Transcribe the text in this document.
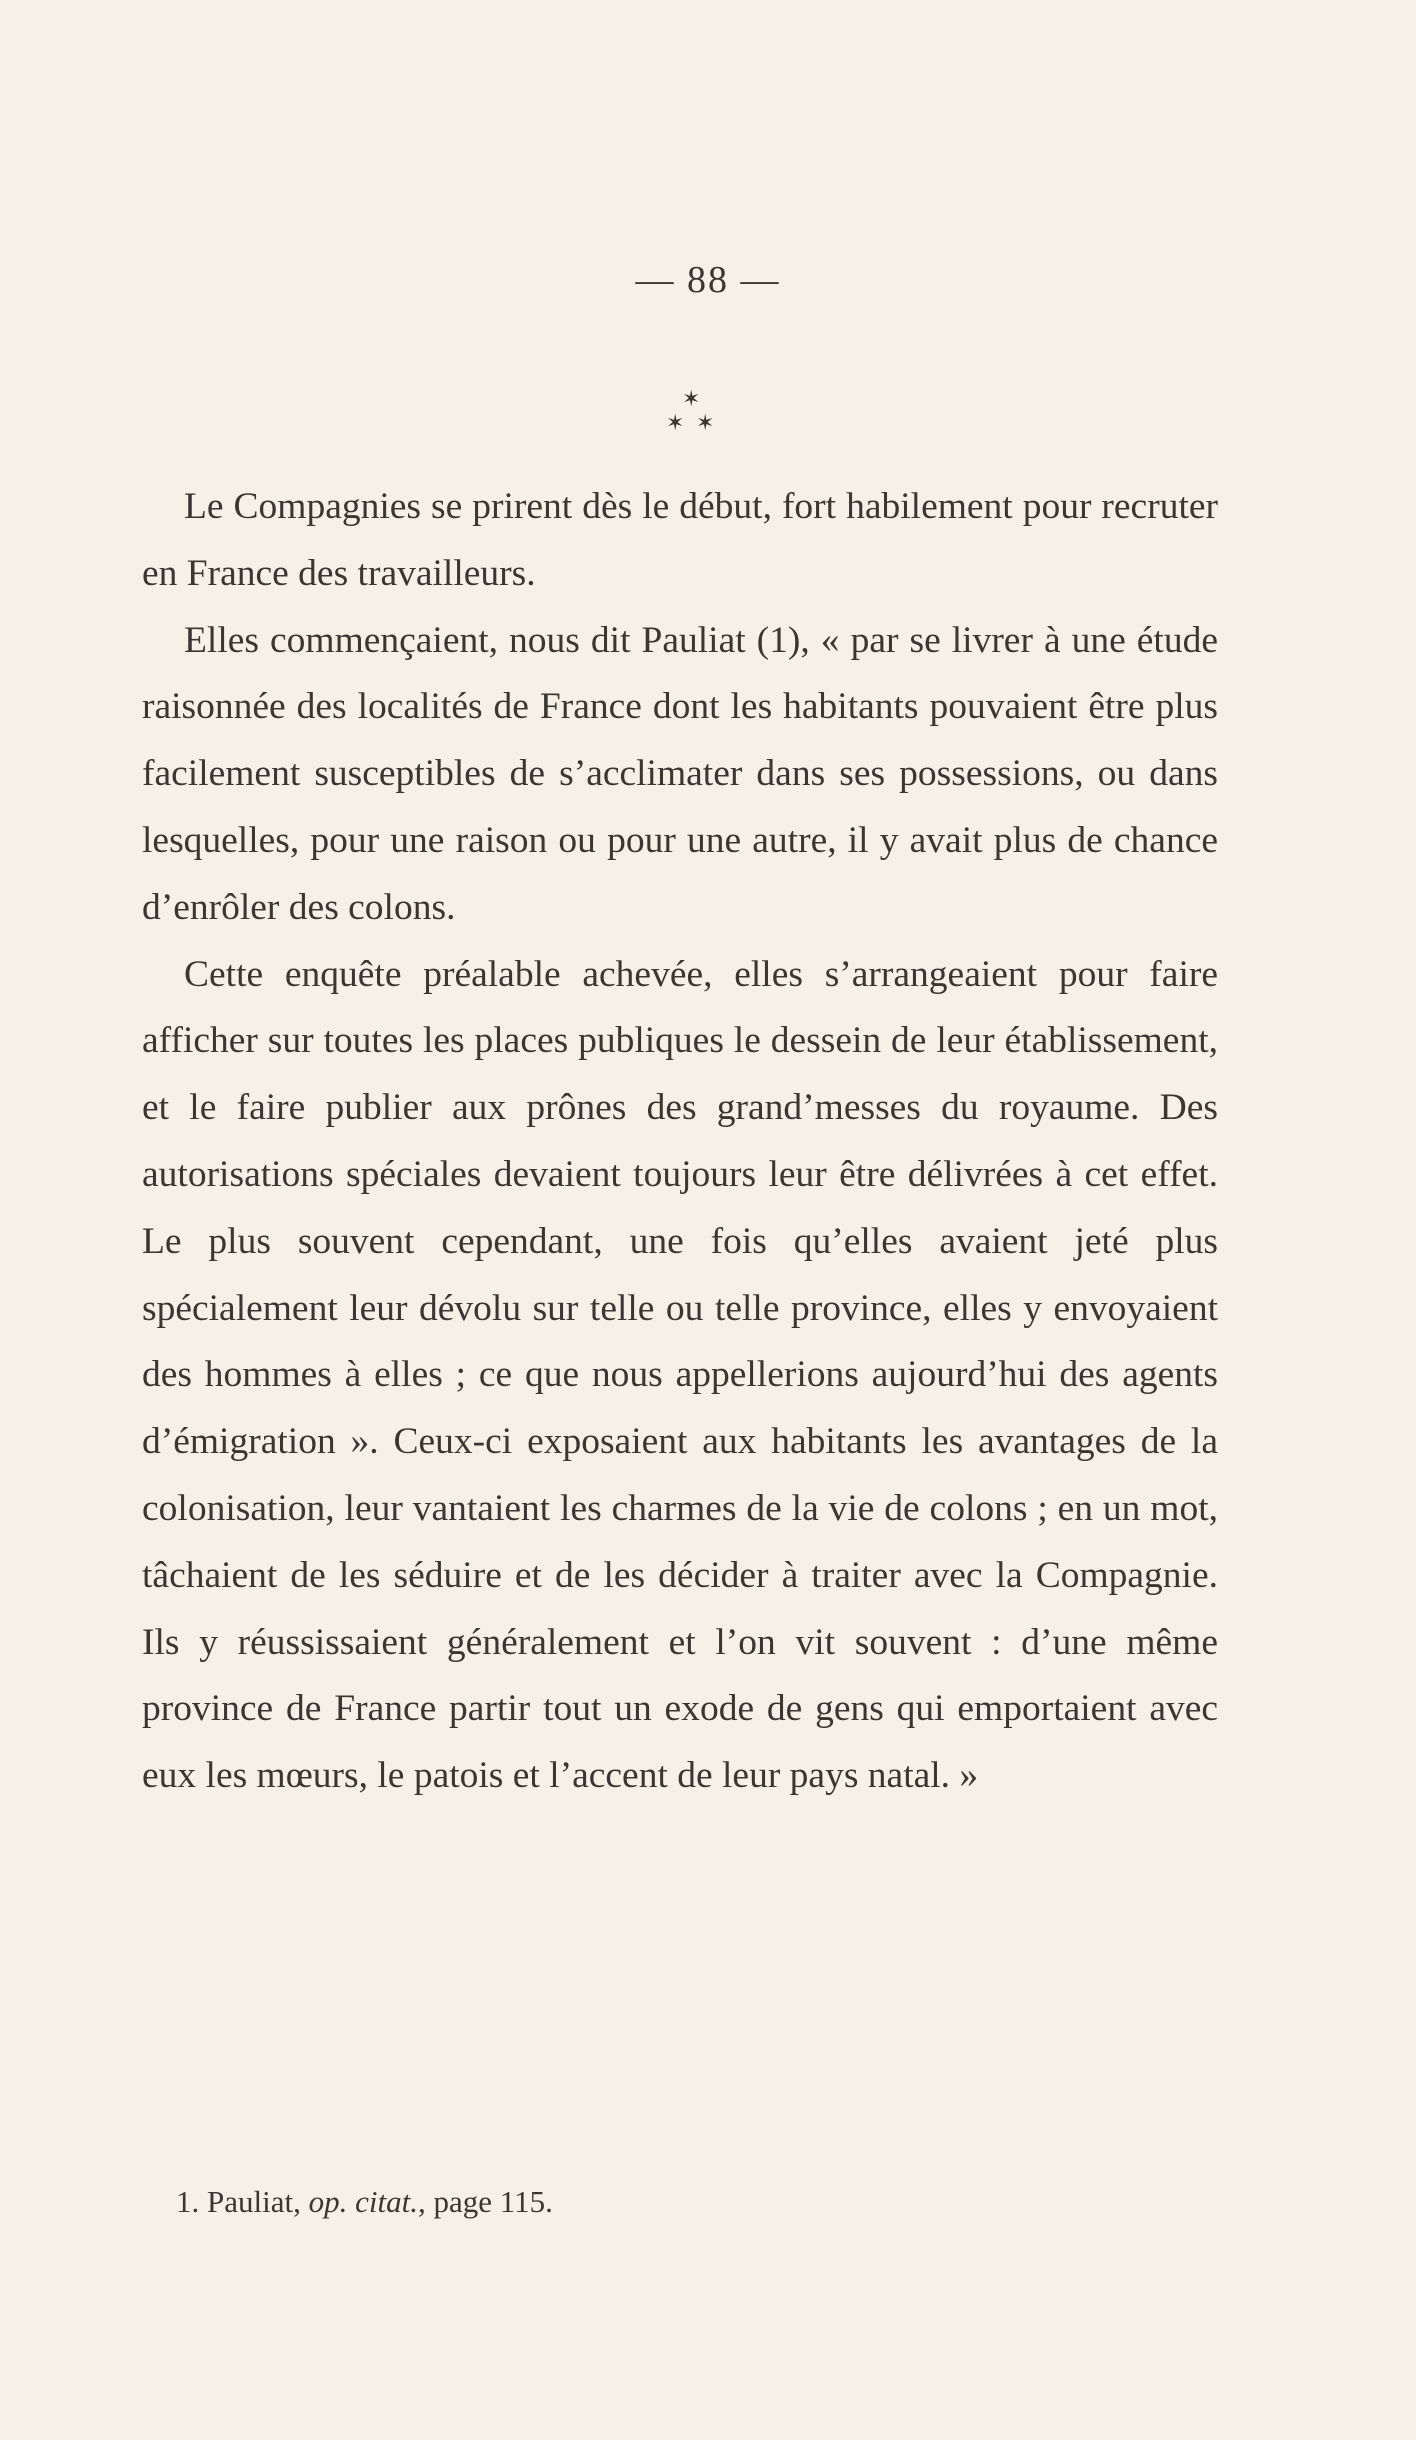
— 88 —
✶
✶ ✶

Le Compagnies se prirent dès le début, fort habilement pour recruter en France des travailleurs.

Elles commençaient, nous dit Pauliat (1), « par se livrer à une étude raisonnée des localités de France dont les habitants pouvaient être plus facilement susceptibles de s’acclimater dans ses possessions, ou dans lesquelles, pour une raison ou pour une autre, il y avait plus de chance d’enrôler des colons.

Cette enquête préalable achevée, elles s’arrangeaient pour faire afficher sur toutes les places publiques le dessein de leur établissement, et le faire publier aux prônes des grand’messes du royaume. Des autorisations spéciales devaient toujours leur être délivrées à cet effet. Le plus souvent cependant, une fois qu’elles avaient jeté plus spécialement leur dévolu sur telle ou telle province, elles y envoyaient des hommes à elles ; ce que nous appellerions aujourd’hui des agents d’émigration ». Ceux-ci exposaient aux habitants les avantages de la colonisation, leur vantaient les charmes de la vie de colons ; en un mot, tâchaient de les séduire et de les décider à traiter avec la Compagnie. Ils y réussissaient généralement et l’on vit souvent : d’une même province de France partir tout un exode de gens qui emportaient avec eux les mœurs, le patois et l’accent de leur pays natal. »

1. Pauliat, op. citat., page 115.
